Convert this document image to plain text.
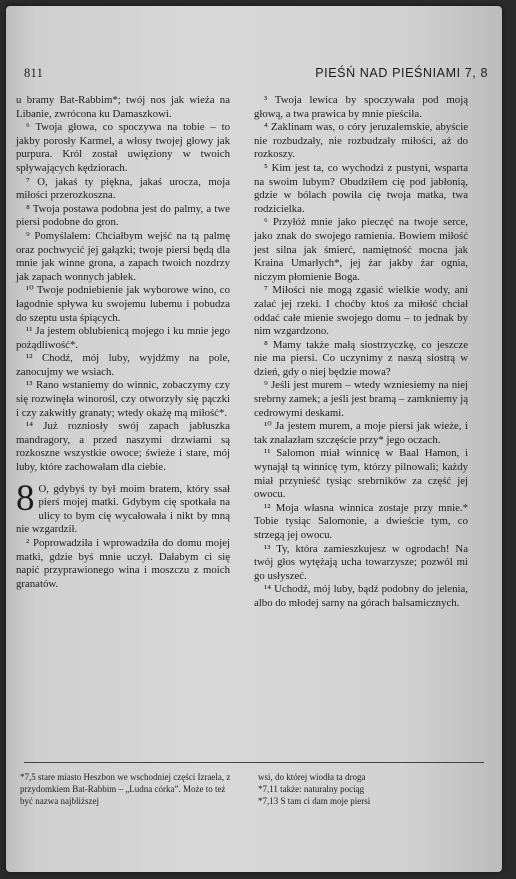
811	PIEŚŃ NAD PIEŚNIAMI 7, 8

u bramy Bat-Rabbim*; twój nos jak wieża na Libanie, zwrócona ku Damaszkowi.

⁶ Twoja głowa, co spoczywa na tobie – to jakby porosły Karmel, a włosy twojej głowy jak purpura. Król został uwięziony w twoich spływających kędziorach.

⁷ O, jakaś ty piękna, jakaś urocza, moja miłości przerozkoszna.

⁸ Twoja postawa podobna jest do palmy, a twe piersi podobne do gron.

⁹ Pomyślałem: Chciałbym wejść na tą palmę oraz pochwycić jej gałązki; twoje piersi będą dla mnie jak winne grona, a zapach twoich nozdrzy jak zapach wonnych jabłek.

¹⁰ Twoje podniebienie jak wyborowe wino, co łagodnie spływa ku swojemu lubemu i pobudza do szeptu usta śpiących.

¹¹ Ja jestem oblubienicą mojego i ku mnie jego pożądliwość*.

¹² Chodź, mój luby, wyjdźmy na pole, zanocujmy we wsiach.

¹³ Rano wstaniemy do winnic, zobaczymy czy się rozwinęła winorośl, czy otworzyły się pączki i czy zakwitły granaty; wtedy okażę mą miłość*.

¹⁴ Już rozniosły swój zapach jabłuszka mandragory, a przed naszymi drzwiami są rozkoszne wszystkie owoce; świeże i stare, mój luby, które zachowałam dla ciebie.

8 O, gdybyś ty był moim bratem, który ssał pierś mojej matki. Gdybym cię spotkała na ulicy to bym cię wycałowała i nikt by mną nie wzgardził.

² Poprowadziła i wprowadziła do domu mojej matki, gdzie byś mnie uczył. Dałabym ci się napić przyprawionego wina i moszczu z moich granatów.

³ Twoja lewica by spoczywała pod moją głową, a twa prawica by mnie pieściła.

⁴ Zaklinam was, o córy jeruzalemskie, abyście nie rozbudzały, nie rozbudzały miłości, aż do rozkoszy.

⁵ Kim jest ta, co wychodzi z pustyni, wsparta na swoim lubym? Obudziłem cię pod jabłonią, gdzie w bólach powiła cię twoja matka, twa rodzicielka.

⁶ Przyłóż mnie jako pieczęć na twoje serce, jako znak do swojego ramienia. Bowiem miłość jest silna jak śmierć, namiętność mocna jak Kraina Umarłych*, jej żar jakby żar ognia, niczym płomienie Boga.

⁷ Miłości nie mogą zgasić wielkie wody, ani zalać jej rzeki. I choćby ktoś za miłość chciał oddać całe mienie swojego domu – to jednak by nim wzgardzono.

⁸ Mamy także małą siostrzyczkę, co jeszcze nie ma piersi. Co uczynimy z naszą siostrą w dzień, gdy o niej będzie mowa?

⁹ Jeśli jest murem – wtedy wzniesiemy na niej srebrny zamek; a jeśli jest bramą – zamkniemy ją cedrowymi deskami.

¹⁰ Ja jestem murem, a moje piersi jak wieże, i tak znalazłam szczęście przy* jego oczach.

¹¹ Salomon miał winnicę w Baal Hamon, i wynajął tą winnicę tym, którzy pilnowali; każdy miał przynieść tysiąc srebrników za część jej owocu.

¹² Moja własna winnica zostaje przy mnie.* Tobie tysiąc Salomonie, a dwieście tym, co strzegą jej owocu.

¹³ Ty, która zamieszkujesz w ogrodach! Na twój głos wytężają ucha towarzysze; pozwól mi go usłyszeć.

¹⁴ Uchodź, mój luby, bądź podobny do jelenia, albo do młodej sarny na górach balsamicznych.

*7,5 stare miasto Heszbon we wschodniej części Izraela, z przydomkiem Bat-Rabbim – „Ludna córka”. Może to też być nazwa najbliższej

wsi, do której wiodła ta droga

*7,11 także: naturalny pociąg

*7,13 S tam ci dam moje piersi
